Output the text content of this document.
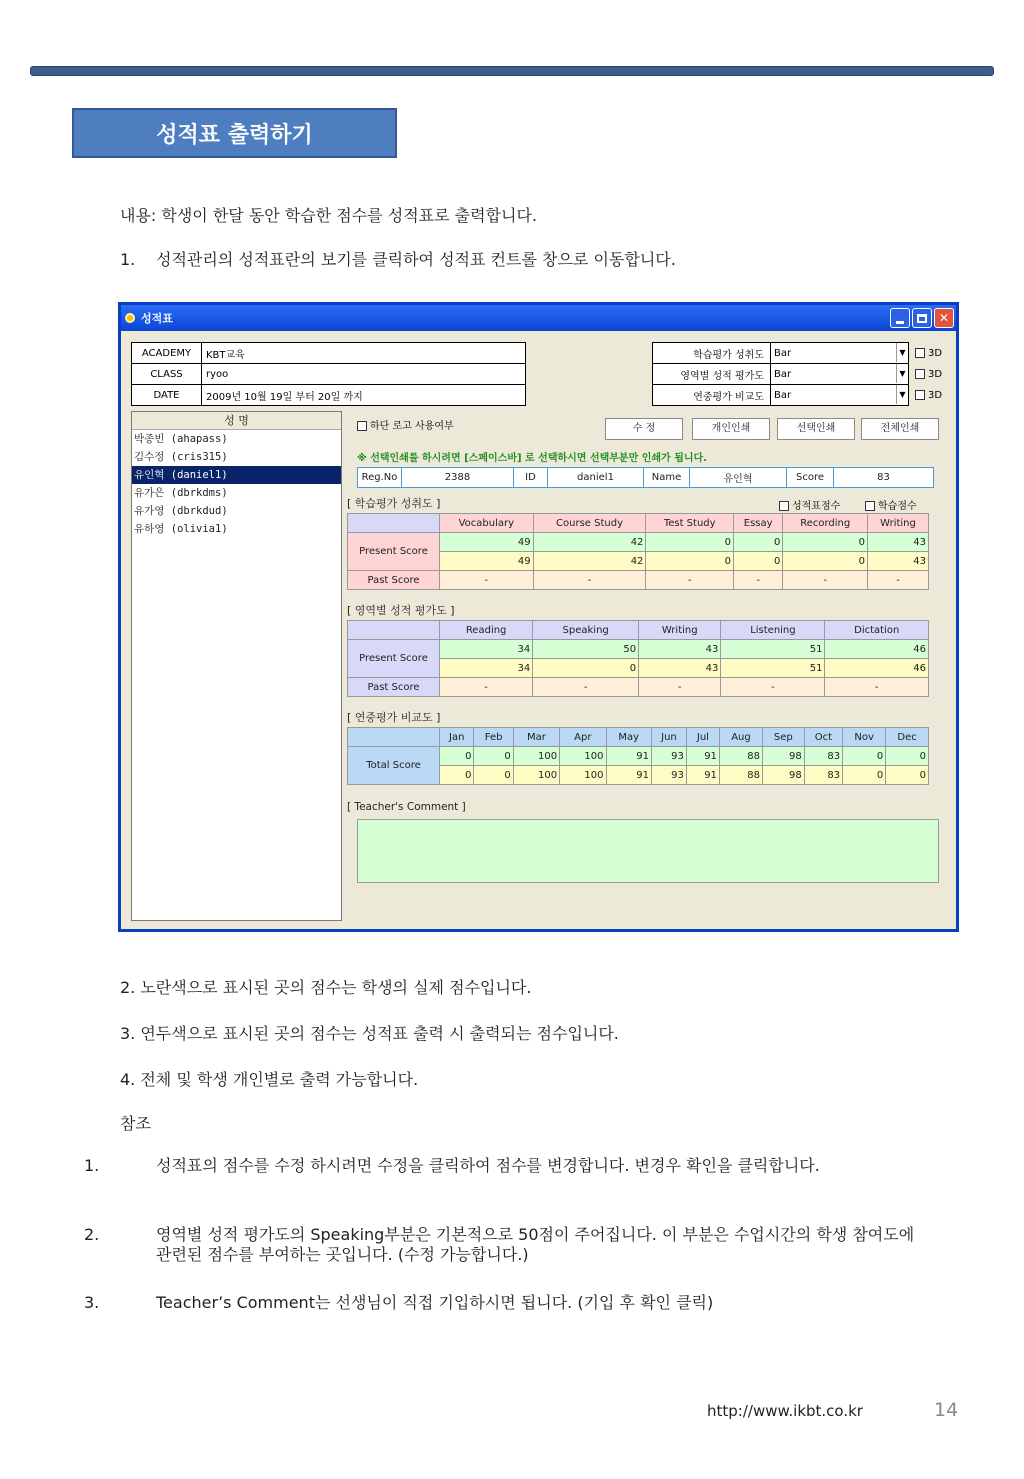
성적표 출력하기
내용: 학생이 한달 동안 학습한 점수를 성적표로 출력합니다.
1. 성적관리의 성적표란의 보기를 클릭하여 성적표 컨트롤 창으로 이동합니다.
성적표	✕
ACADEMY	KBT교육
CLASS	ryoo
DATE	2009년 10월 19일 부터 20일 까지
학습평가 성취도	Bar ▼	3D
영역별 성적 평가도	Bar ▼	3D
연중평가 비교도	Bar ▼	3D
성 명
박종빈 (ahapass)
김수정 (cris315)
유인혁 (daniel1)
유가은 (dbrkdms)
유가영 (dbrkdud)
유하영 (olivia1)
하단 로고 사용여부	수 정	개인인쇄	선택인쇄	전체인쇄
※ 선택인쇄를 하시려면 [스페이스바] 로 선택하시면 선택부분만 인쇄가 됩니다.
Reg.No	2388	ID	daniel1	Name	유인혁	Score	83
[ 학습평가 성취도 ]	성적표점수	학습점수
	Vocabulary	Course Study	Test Study	Essay	Recording	Writing
Present Score	49	42	0	0	0	43
	49	42	0	0	0	43
Past Score	-	-	-	-	-	-
[ 영역별 성적 평가도 ]
	Reading	Speaking	Writing	Listening	Dictation
Present Score	34	50	43	51	46
	34	0	43	51	46
Past Score	-	-	-	-	-
[ 연중평가 비교도 ]
	Jan	Feb	Mar	Apr	May	Jun	Jul	Aug	Sep	Oct	Nov	Dec
Total Score	0	0	100	100	91	93	91	88	98	83	0	0
	0	0	100	100	91	93	91	88	98	83	0	0
[ Teacher's Comment ]
2. 노란색으로 표시된 곳의 점수는 학생의 실제 점수입니다.
3. 연두색으로 표시된 곳의 점수는 성적표 출력 시 출력되는 점수입니다.
4. 전체 및 학생 개인별로 출력 가능합니다.
참조
1.	성적표의 점수를 수정 하시려면 수정을 클릭하여 점수를 변경합니다. 변경우 확인을 클릭합니다.
2.	영역별 성적 평가도의 Speaking부분은 기본적으로 50점이 주어집니다. 이 부분은 수업시간의 학생 참여도에 관련된 점수를 부여하는 곳입니다. (수정 가능합니다.)
3.	Teacher’s Comment는 선생님이 직접 기입하시면 됩니다. (기입 후 확인 클릭)
http://www.ikbt.co.kr	14
